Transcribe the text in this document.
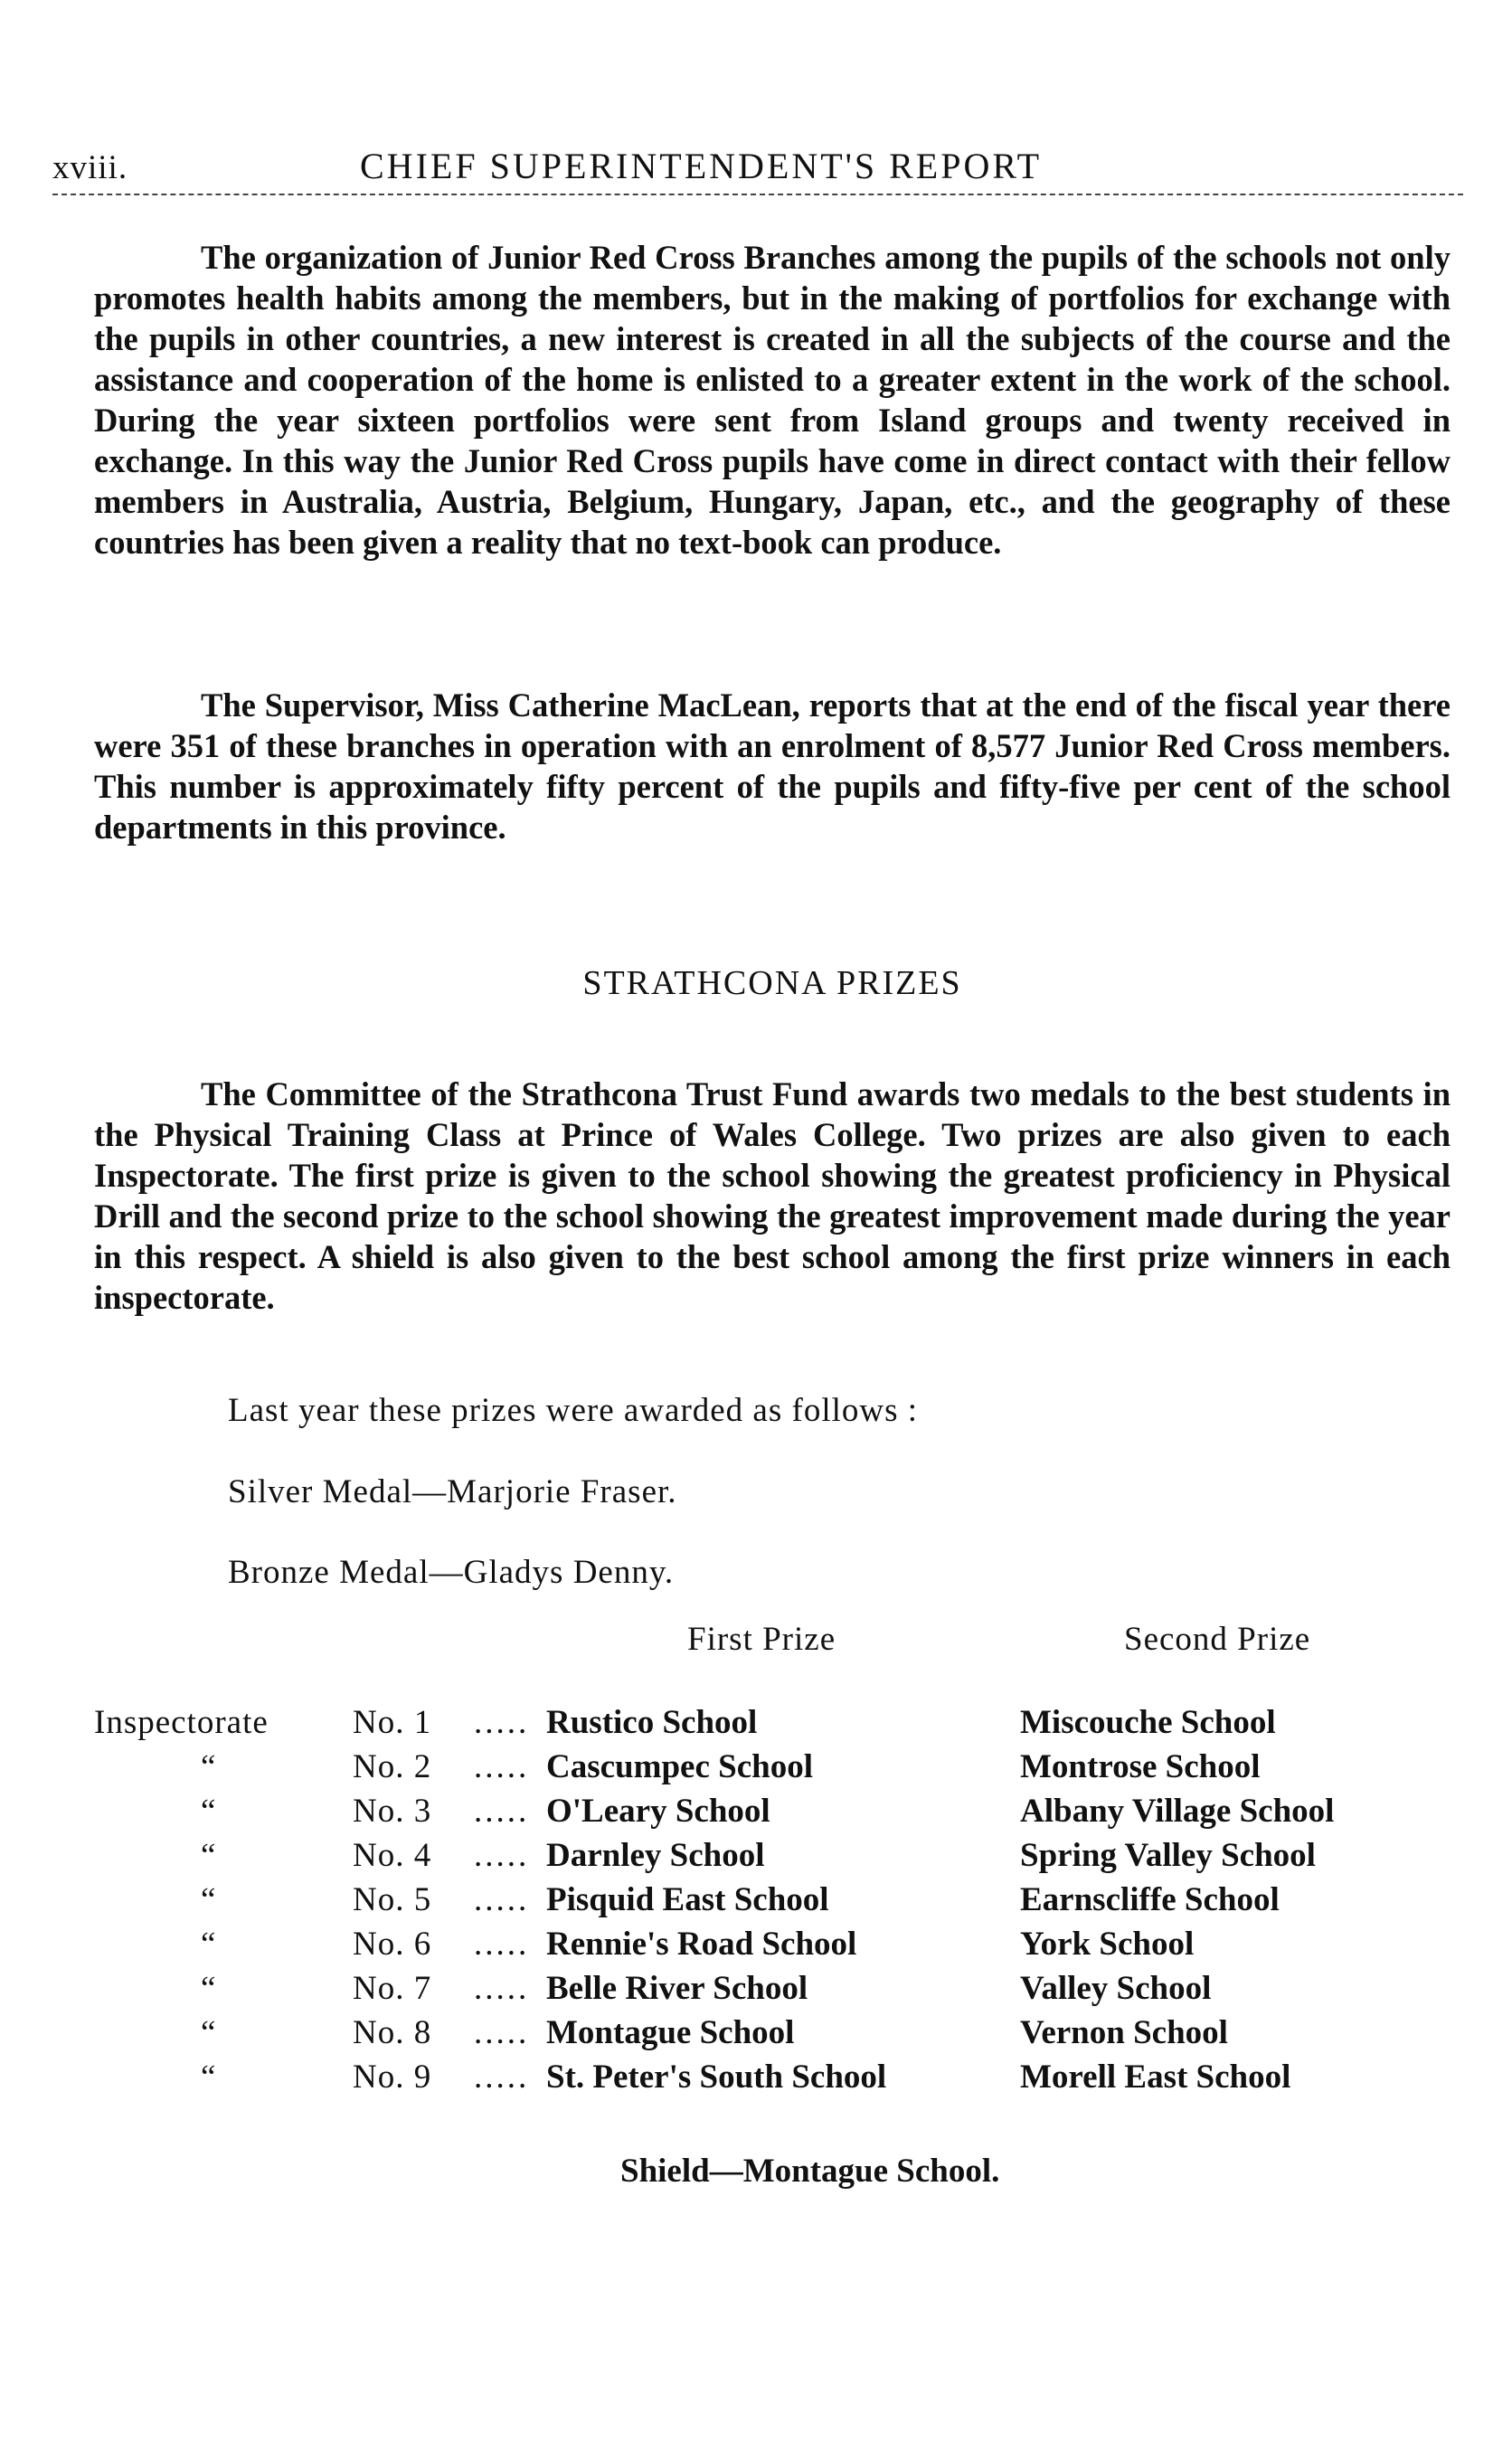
xviii.	CHIEF SUPERINTENDENT'S REPORT

The organization of Junior Red Cross Branches among the pupils of the schools not only promotes health habits among the members, but in the making of portfolios for exchange with the pupils in other countries, a new interest is created in all the subjects of the course and the assistance and cooperation of the home is enlisted to a greater extent in the work of the school. During the year sixteen portfolios were sent from Island groups and twenty received in exchange. In this way the Junior Red Cross pupils have come in direct contact with their fellow members in Australia, Austria, Belgium, Hungary, Japan, etc., and the geography of these countries has been given a reality that no text-book can produce.

The Supervisor, Miss Catherine MacLean, reports that at the end of the fiscal year there were 351 of these branches in operation with an enrolment of 8,577 Junior Red Cross members. This number is approximately fifty percent of the pupils and fifty-five per cent of the school departments in this province.

STRATHCONA PRIZES

The Committee of the Strathcona Trust Fund awards two medals to the best students in the Physical Training Class at Prince of Wales College. Two prizes are also given to each Inspectorate. The first prize is given to the school showing the greatest proficiency in Physical Drill and the second prize to the school showing the greatest improvement made during the year in this respect. A shield is also given to the best school among the first prize winners in each inspectorate.

Last year these prizes were awarded as follows :
Silver Medal—Marjorie Fraser.
Bronze Medal—Gladys Denny.
First Prize	Second Prize
Inspectorate	No. 1	..... Rustico School	Miscouche School
“	No. 2	..... Cascumpec School	Montrose School
“	No. 3	..... O'Leary School	Albany Village School
“	No. 4	..... Darnley School	Spring Valley School
“	No. 5	..... Pisquid East School	Earnscliffe School
“	No. 6	..... Rennie's Road School	York School
“	No. 7	..... Belle River School	Valley School
“	No. 8	..... Montague School	Vernon School
“	No. 9	..... St. Peter's South School	Morell East School
Shield—Montague School.
